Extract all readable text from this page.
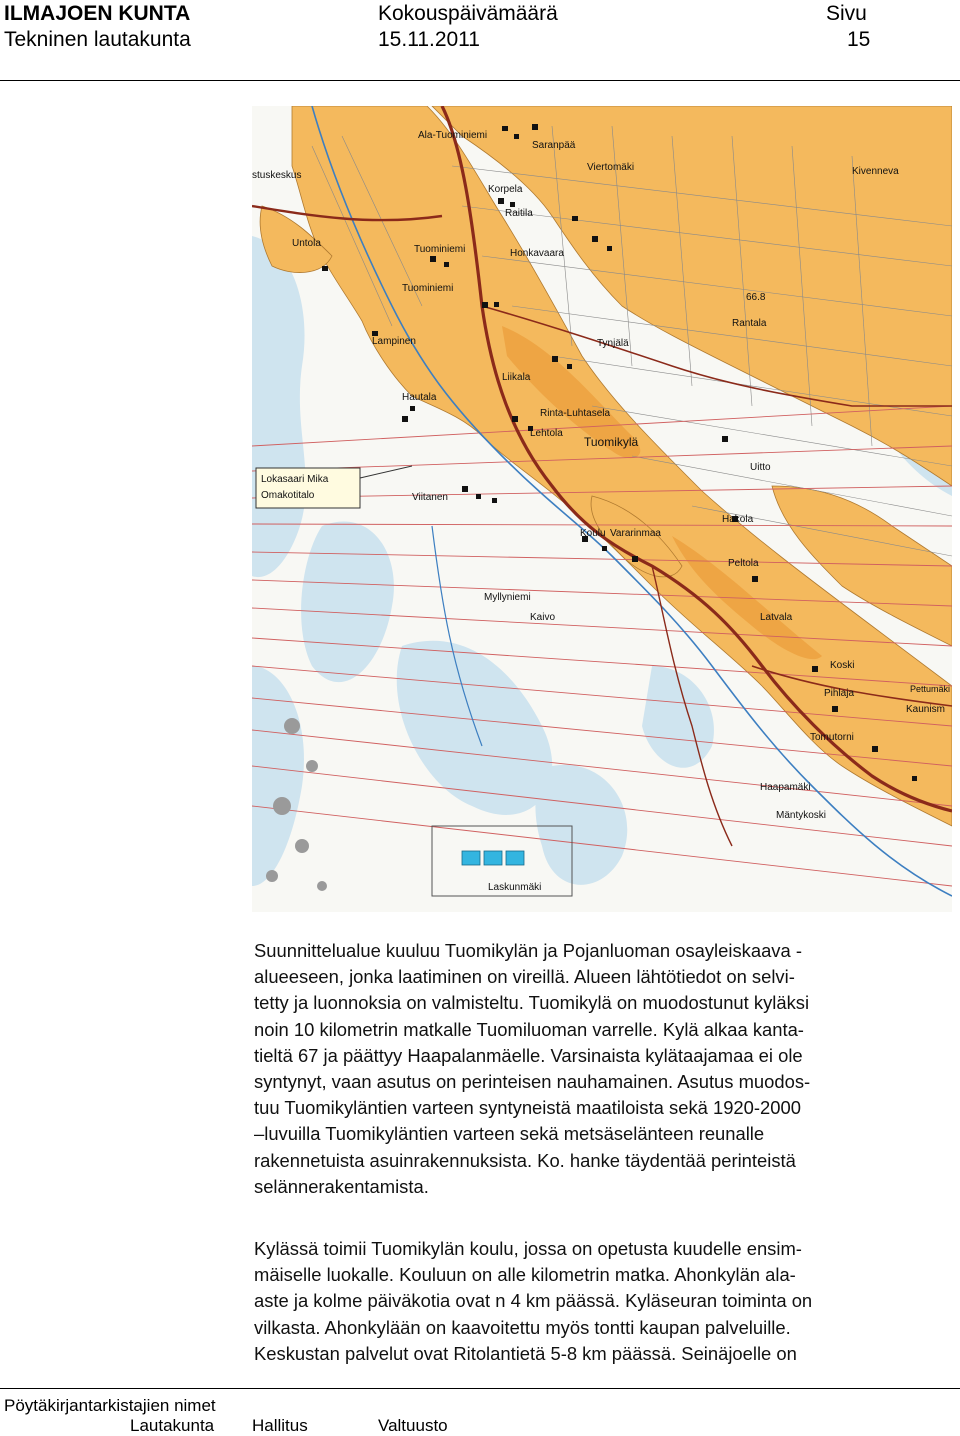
ILMAJOEN KUNTA
Tekninen lautakunta
Kokouspäivämäärä
15.11.2011
Sivu
15
Ala-Tuominiemi
Saranpää
Viertomäki	Kivenneva
stuskeskus
Korpela
Raitila
Untola
Tuominiemi	Honkavaara
Tuominiemi
66.8
Rantala
Lampinen	Tynjälä
Liikala
Hautala
Rinta-Luhtasela
Lehtola
Tuomikylä
Uitto
Lokasaari Mika
Omakotitalo	Viitanen
Hakola
Koulu Vararinmaa
Peltola
Myllyniemi
Kaivo	Latvala
Koski
Pihlaja	Pettumäki
Kaunism
Tomutorni
Haapamäki
Mäntykoski
Laskunmäki

Suunnittelualue kuuluu Tuomikylän ja Pojanluoman osayleiskaava -

alueeseen, jonka laatiminen on vireillä. Alueen lähtötiedot on selvi-

tetty ja luonnoksia on valmisteltu. Tuomikylä on muodostunut kyläksi

noin 10 kilometrin matkalle Tuomiluoman varrelle. Kylä alkaa kanta-

tieltä 67 ja päättyy Haapalanmäelle. Varsinaista kylätaajamaa ei ole

syntynyt, vaan asutus on perinteisen nauhamainen. Asutus muodos-

tuu Tuomikyläntien varteen syntyneistä maatiloista sekä 1920-2000

–luvuilla Tuomikyläntien varteen sekä metsäselänteen reunalle

rakennetuista asuinrakennuksista. Ko. hanke täydentää perinteistä

selännerakentamista.

Kylässä toimii Tuomikylän koulu, jossa on opetusta kuudelle ensim-

mäiselle luokalle. Kouluun on alle kilometrin matka. Ahonkylän ala-

aste ja kolme päiväkotia ovat n 4 km päässä. Kyläseuran toiminta on

vilkasta. Ahonkylään on kaavoitettu myös tontti kaupan palveluille.

Keskustan palvelut ovat Ritolantietä 5-8 km päässä. Seinäjoelle on

Pöytäkirjantarkistajien nimet
Lautakunta Hallitus	Valtuusto
